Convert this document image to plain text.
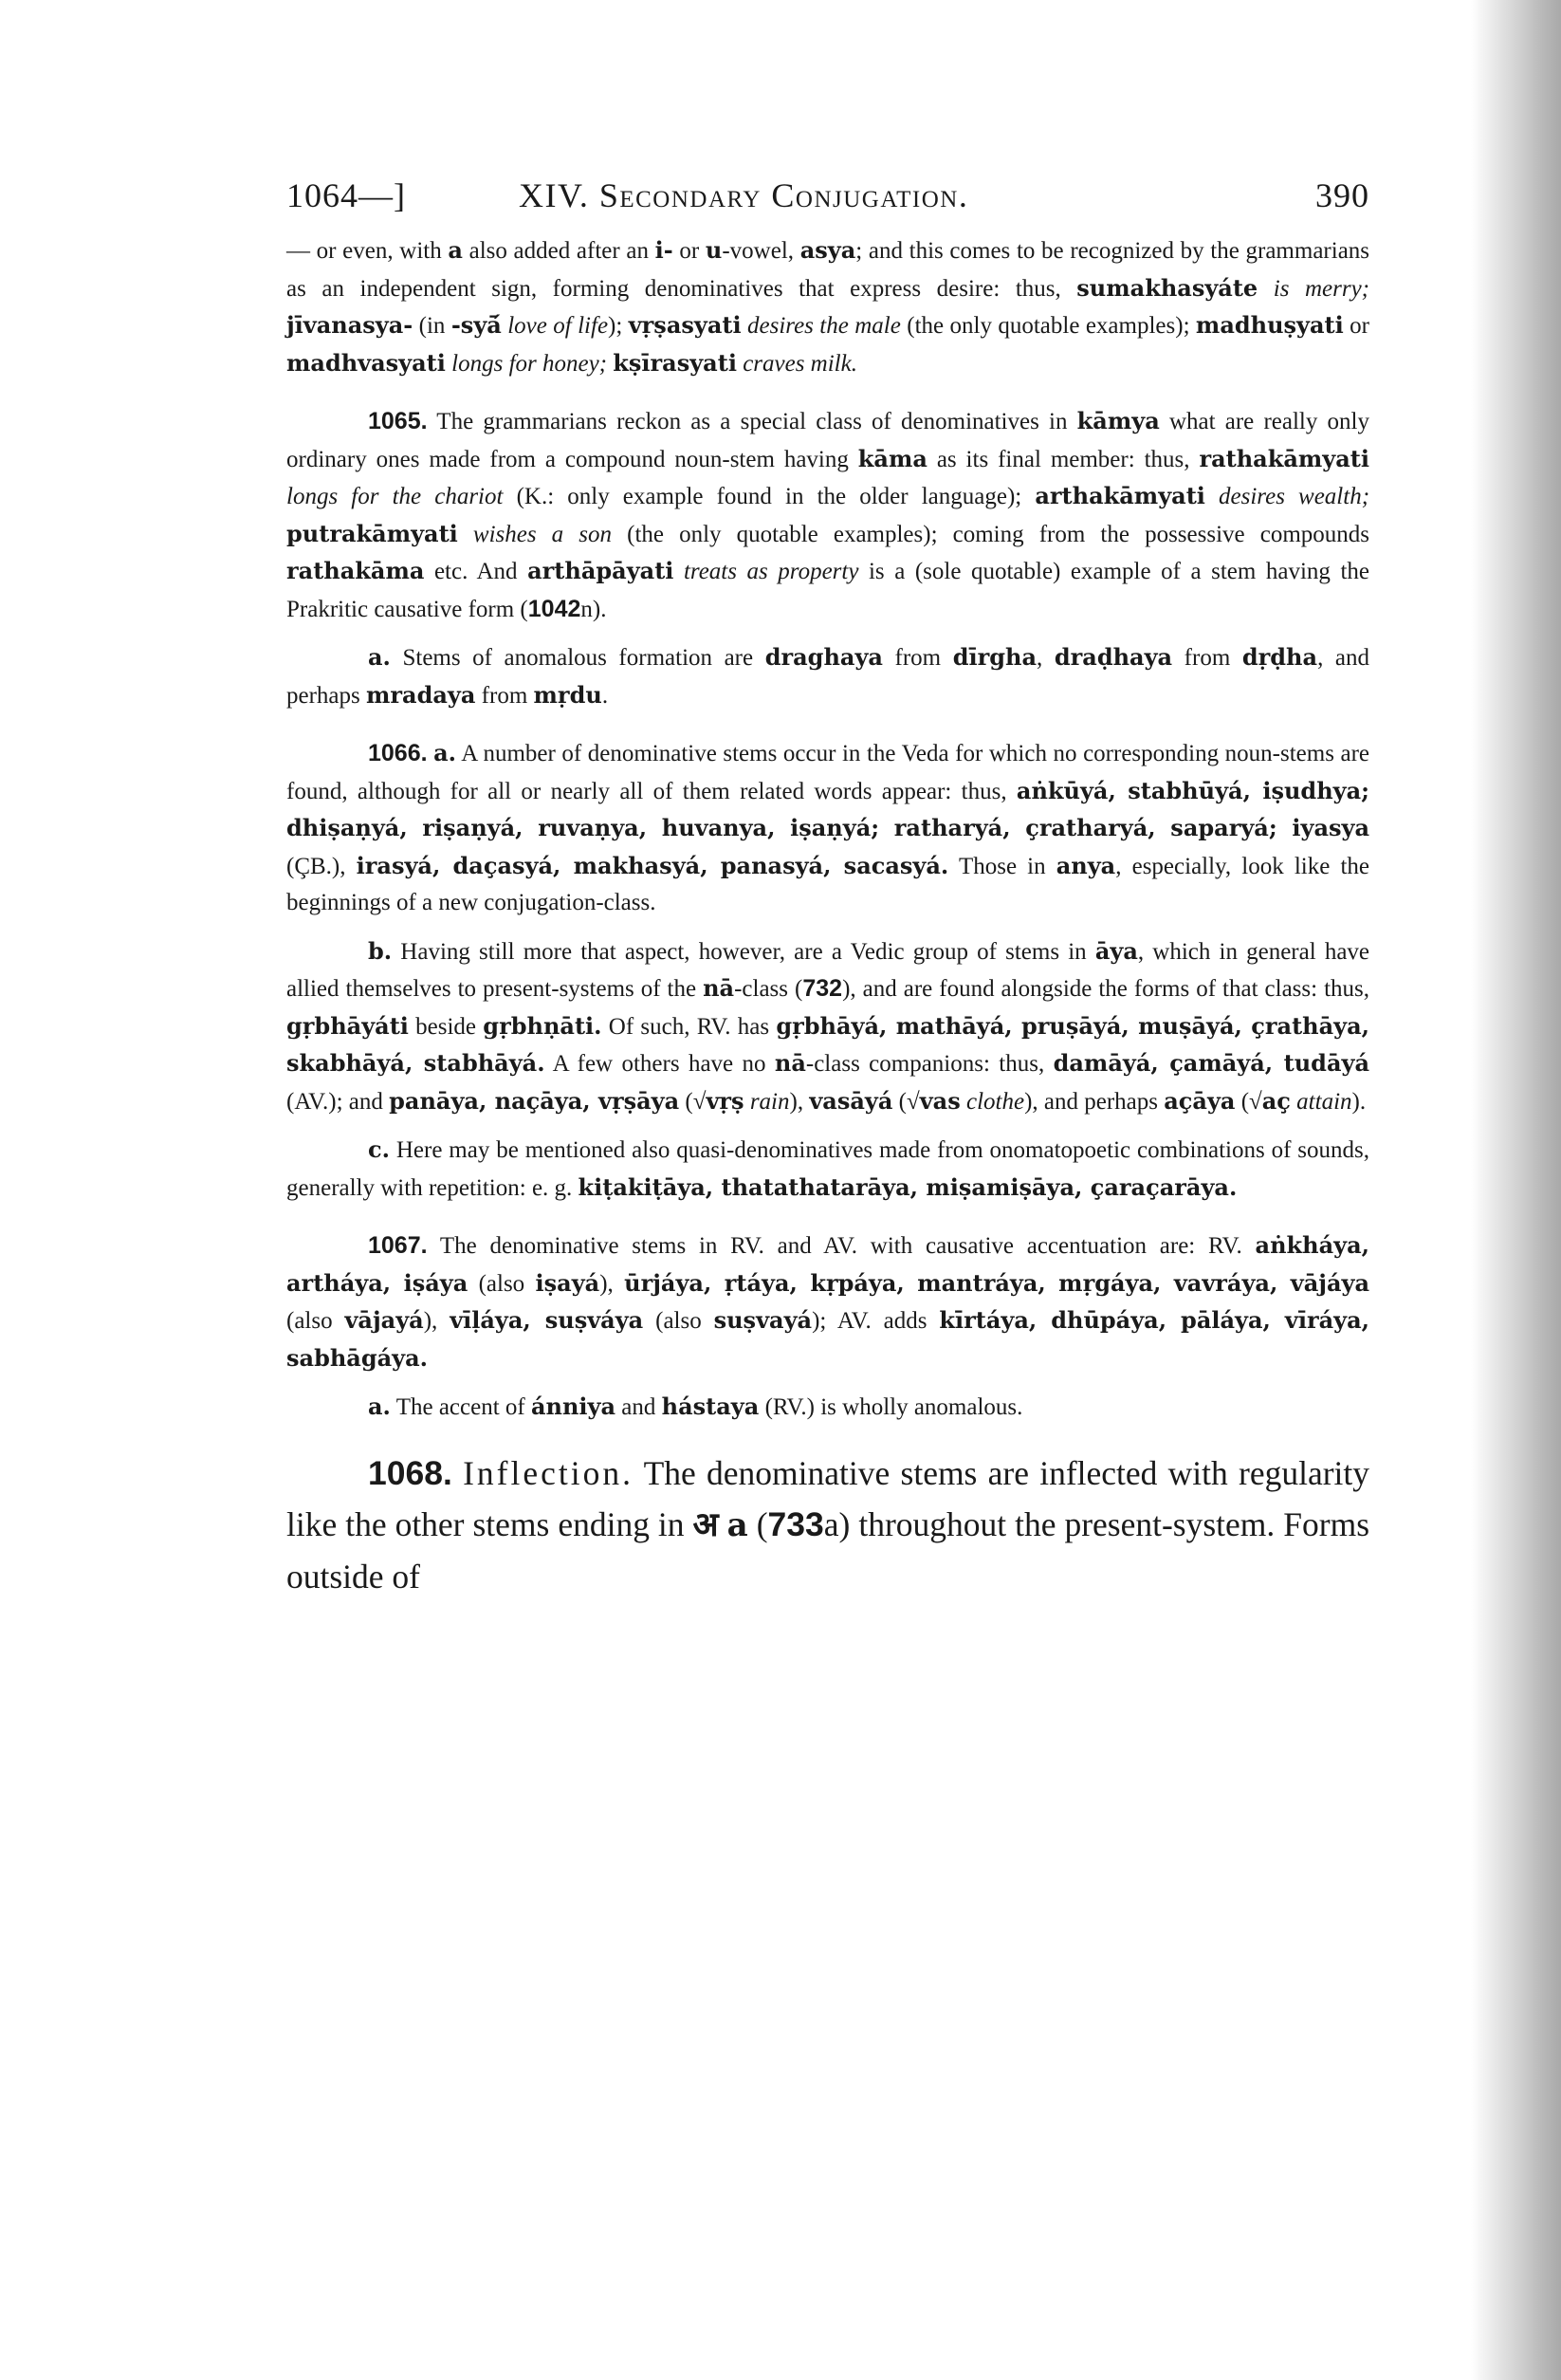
1064—]	XIV. Secondary Conjugation.	390

— or even, with a also added after an i- or u-vowel, asya; and this comes to be recognized by the grammarians as an independent sign, forming denominatives that express desire: thus, sumakhasyáte is merry; jīvanasya- (in -syā́ love of life); vṛṣasyati desires the male (the only quotable examples); madhuṣyati or madhvasyati longs for honey; kṣīrasyati craves milk.

1065. The grammarians reckon as a special class of denominatives in kāmya what are really only ordinary ones made from a compound noun-stem having kāma as its final member: thus, rathakāmyati longs for the chariot (K.: only example found in the older language); arthakāmyati desires wealth; putrakāmyati wishes a son (the only quotable examples); coming from the possessive compounds rathakāma etc. And arthāpāyati treats as property is a (sole quotable) example of a stem having the Prakritic causative form (1042n).

a. Stems of anomalous formation are draghaya from dīrgha, draḍhaya from dṛḍha, and perhaps mradaya from mṛdu.

1066. a. A number of denominative stems occur in the Veda for which no corresponding noun-stems are found, although for all or nearly all of them related words appear: thus, aṅkūyá, stabhūyá, iṣudhya; dhiṣaṇyá, riṣaṇyá, ruvaṇya, huvanya, iṣaṇyá; ratharyá, çratharyá, saparyá; iyasya (ÇB.), irasyá, daçasyá, makhasyá, panasyá, sacasyá. Those in anya, especially, look like the beginnings of a new conjugation-class.

b. Having still more that aspect, however, are a Vedic group of stems in āya, which in general have allied themselves to present-systems of the nā-class (732), and are found alongside the forms of that class: thus, gṛbhāyáti beside gṛbhṇāti. Of such, RV. has gṛbhāyá, mathāyá, pruṣāyá, muṣāyá, çrathāya, skabhāyá, stabhāyá. A few others have no nā-class companions: thus, damāyá, çamāyá, tudāyá (AV.); and panāya, naçāya, vṛṣāya (√vṛṣ rain), vasāyá (√vas clothe), and perhaps açāya (√aç attain).

c. Here may be mentioned also quasi-denominatives made from onomatopoetic combinations of sounds, generally with repetition: e. g. kiṭakiṭāya, thatathatarāya, miṣamiṣāya, çaraçarāya.

1067. The denominative stems in RV. and AV. with causative accentuation are: RV. aṅkháya, artháya, iṣáya (also iṣayá), ūrjáya, ṛtáya, kṛpáya, mantráya, mṛgáya, vavráya, vājáya (also vājayá), vīḷáya, suṣváya (also suṣvayá); AV. adds kīrtáya, dhūpáya, pāláya, vīráya, sabhāgáya.

a. The accent of ánniya and hástaya (RV.) is wholly anomalous.

1068. Inflection. The denominative stems are inflected with regularity like the other stems ending in अ a (733a) throughout the present-system. Forms outside of
